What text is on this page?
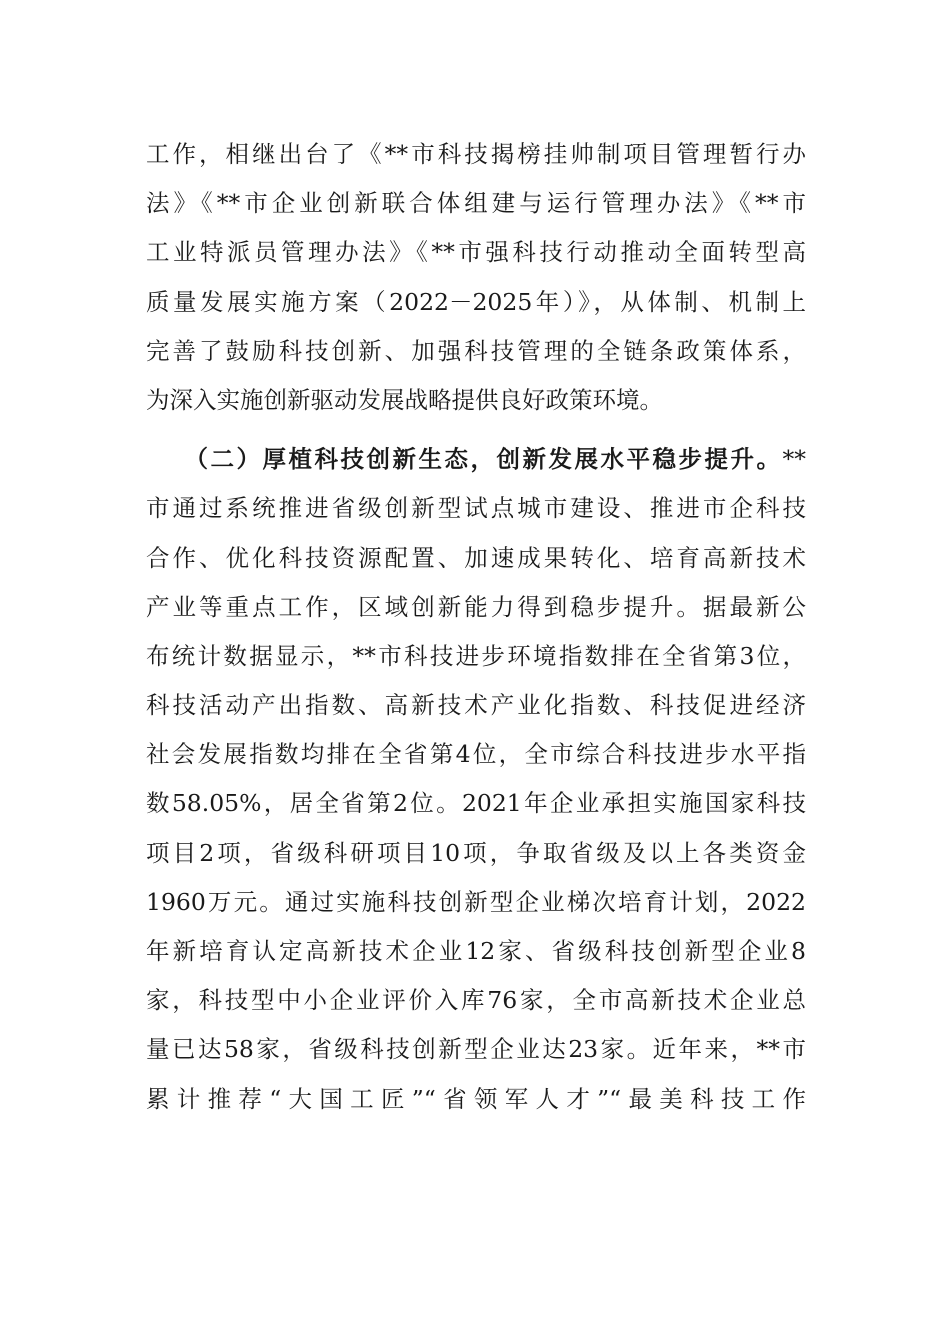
工作，相继出台了《**市科技揭榜挂帅制项目管理暂行办
法》《**市企业创新联合体组建与运行管理办法》《**市
工业特派员管理办法》《**市强科技行动推动全面转型高
质量发展实施方案（2022－2025年）》，从体制、机制上
完善了鼓励科技创新、加强科技管理的全链条政策体系，
为深入实施创新驱动发展战略提供良好政策环境。
（二）厚植科技创新生态，创新发展水平稳步提升。**
市通过系统推进省级创新型试点城市建设、推进市企科技
合作、优化科技资源配置、加速成果转化、培育高新技术
产业等重点工作，区域创新能力得到稳步提升。据最新公
布统计数据显示，**市科技进步环境指数排在全省第3位，
科技活动产出指数、高新技术产业化指数、科技促进经济
社会发展指数均排在全省第4位，全市综合科技进步水平指
数58.05%，居全省第2位。2021年企业承担实施国家科技
项目2项，省级科研项目10项，争取省级及以上各类资金
1960万元。通过实施科技创新型企业梯次培育计划，2022
年新培育认定高新技术企业12家、省级科技创新型企业8
家，科技型中小企业评价入库76家，全市高新技术企业总
量已达58家，省级科技创新型企业达23家。近年来，**市
累计推荐“大国工匠”“省领军人才”“最美科技工作
